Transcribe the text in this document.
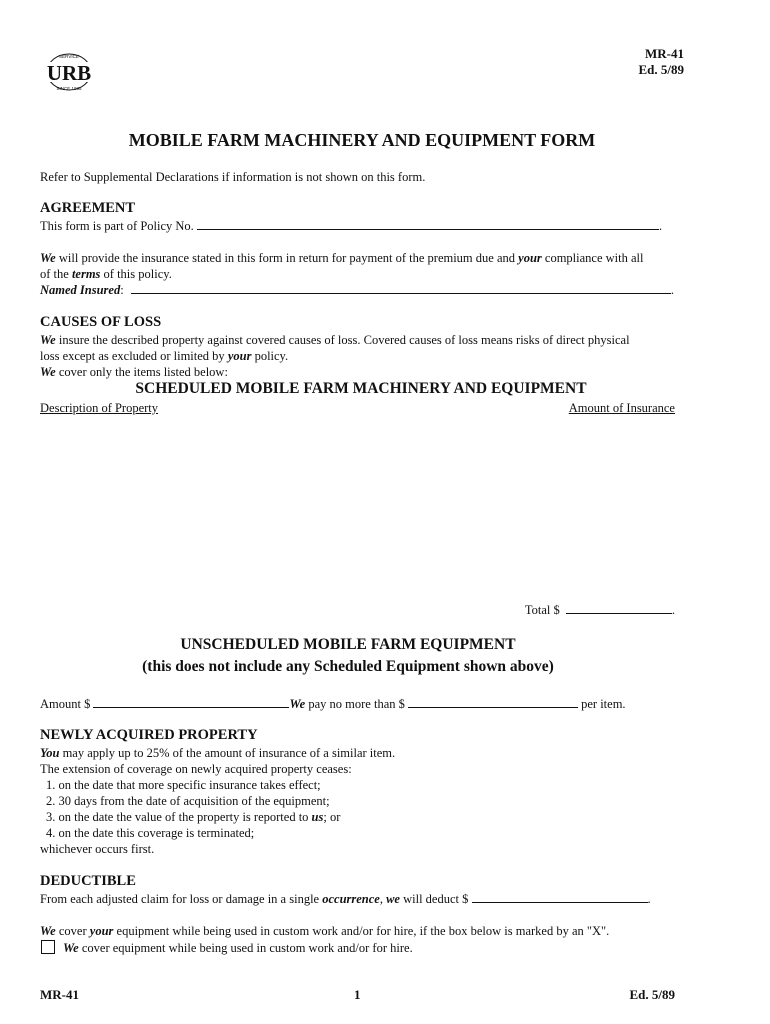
URB
SERVICE
SINCE 1935
MR-41
Ed. 5/89
MOBILE FARM MACHINERY AND EQUIPMENT FORM
Refer to Supplemental Declarations if information is not shown on this form.
AGREEMENT
This form is part of Policy No.	.
We will provide the insurance stated in this form in return for payment of the premium due and your compliance with all
of the terms of this policy.
Named Insured:	.
CAUSES OF LOSS
We insure the described property against covered causes of loss. Covered causes of loss means risks of direct physical
loss except as excluded or limited by your policy.
We cover only the items listed below:
SCHEDULED MOBILE FARM MACHINERY AND EQUIPMENT
Description of Property	Amount of Insurance
Total $	.
UNSCHEDULED MOBILE FARM EQUIPMENT
(this does not include any Scheduled Equipment shown above)
Amount $	We pay no more than $	per item.
NEWLY ACQUIRED PROPERTY
You may apply up to 25% of the amount of insurance of a similar item.
The extension of coverage on newly acquired property ceases:
1. on the date that more specific insurance takes effect;
2. 30 days from the date of acquisition of the equipment;
3. on the date the value of the property is reported to us; or
4. on the date this coverage is terminated;
whichever occurs first.
DEDUCTIBLE
From each adjusted claim for loss or damage in a single occurrence, we will deduct $	.
We cover your equipment while being used in custom work and/or for hire, if the box below is marked by an "X".
We cover equipment while being used in custom work and/or for hire.
MR-41	1	Ed. 5/89
